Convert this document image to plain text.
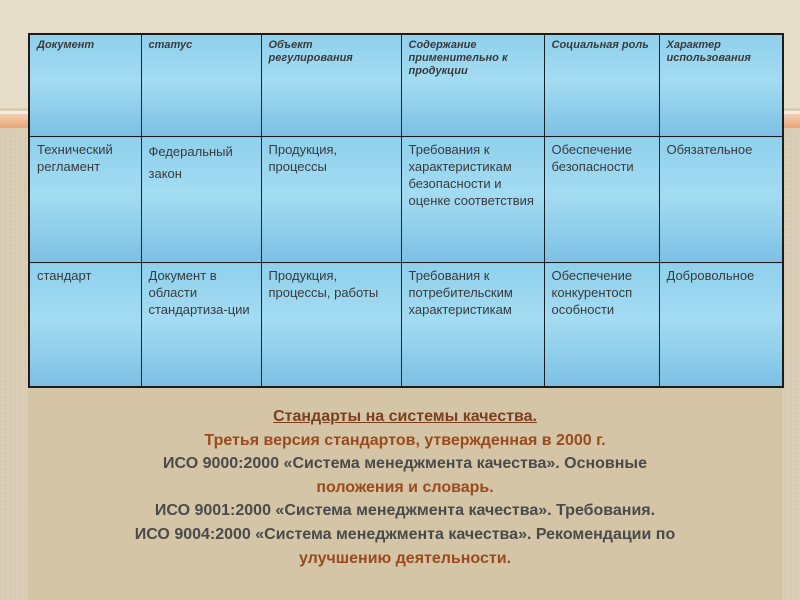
Документ	статус	Объект регулирования	Содержание применительно к продукции	Социальная роль	Характер использования
Технический регламент	Федеральный закон	Продукция, процессы	Требования к характеристикам безопасности и оценке соответствия	Обеспечение безопасности	Обязательное
стандарт	Документ в области стандартиза-ции	Продукция, процессы, работы	Требования к потребительским характеристикам	Обеспечение конкурентосп особности	Добровольное
Стандарты на системы качества.
Третья версия стандартов, утвержденная в 2000 г.
ИСО 9000:2000 «Система менеджмента качества». Основные
положения и словарь.
ИСО 9001:2000 «Система менеджмента качества». Требования.
ИСО 9004:2000 «Система менеджмента качества». Рекомендации по
улучшению деятельности.
